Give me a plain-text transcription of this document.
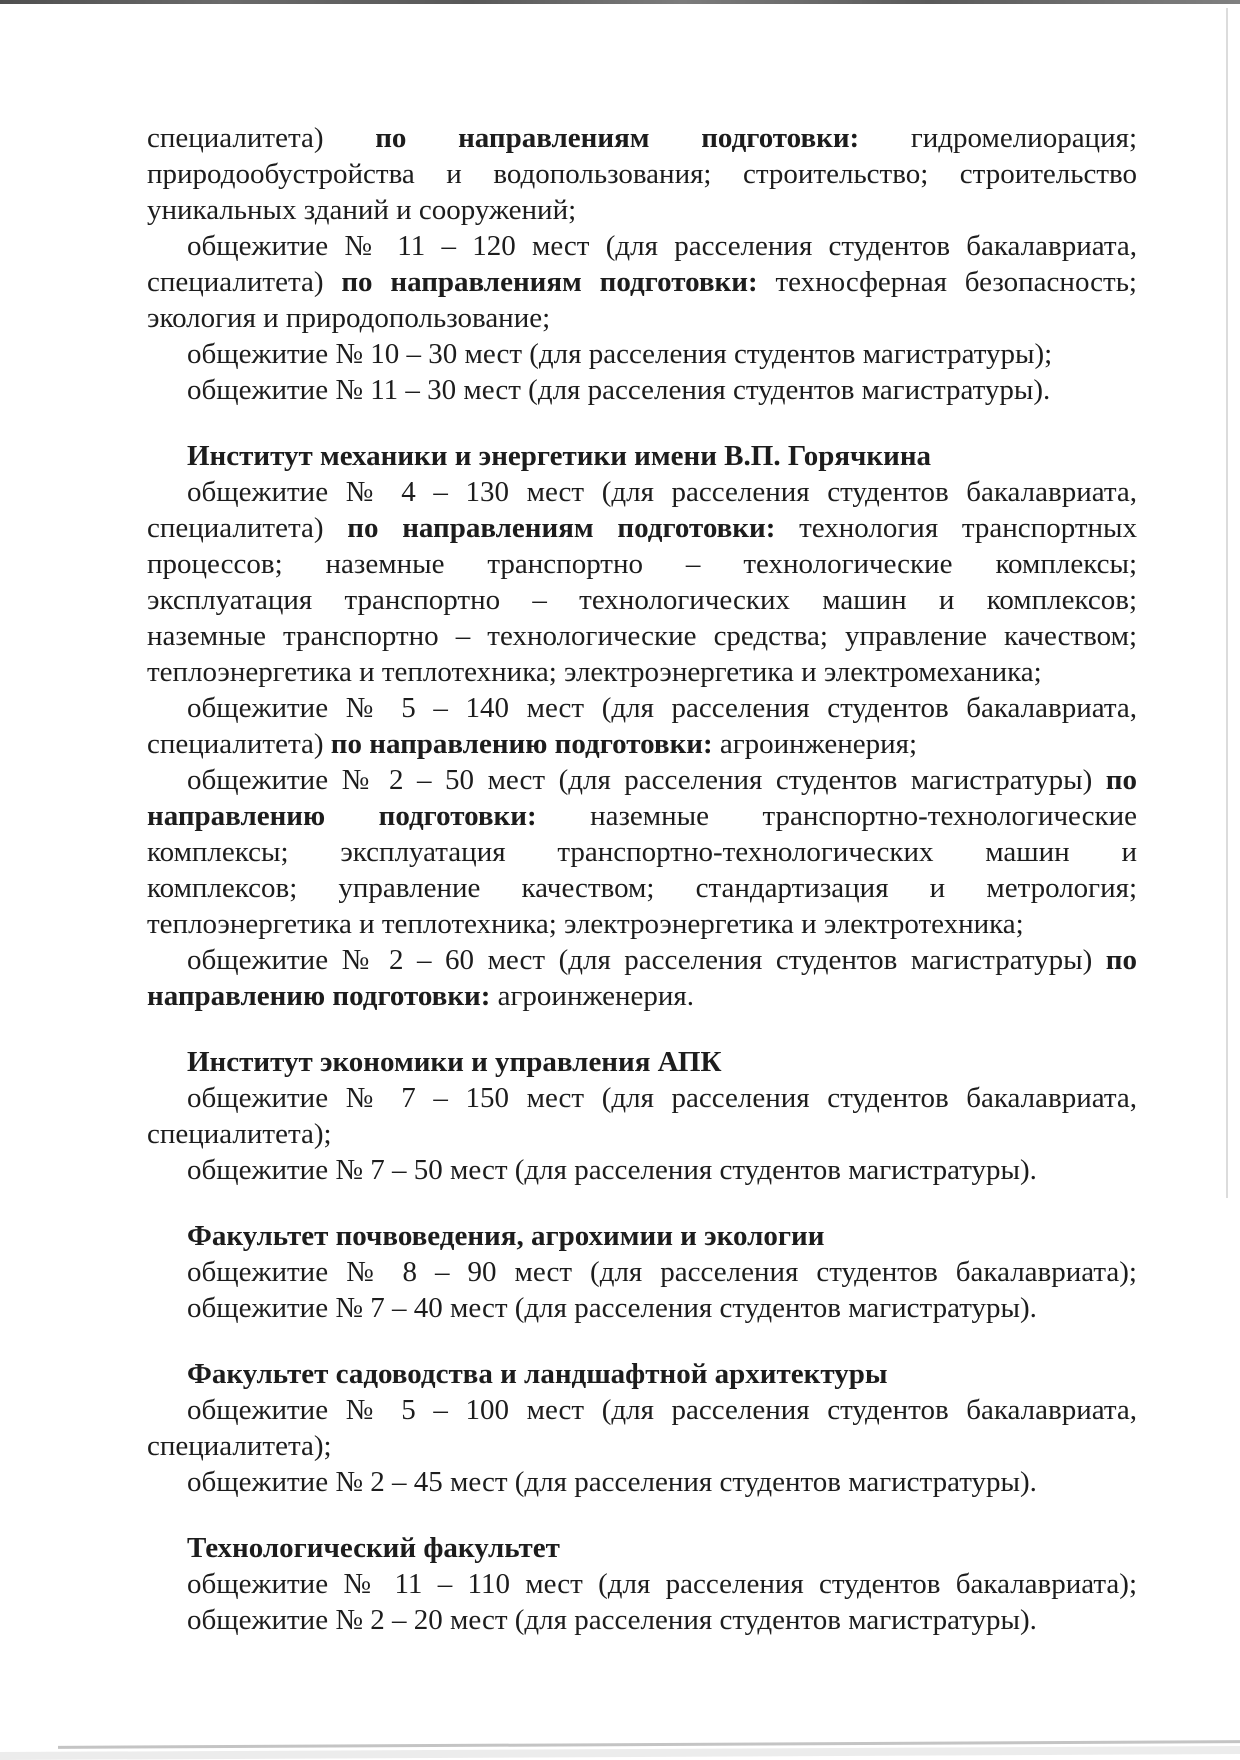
специалитета) по направлениям подготовки: гидромелиорация;
природообустройства и водопользования; строительство; строительство
уникальных зданий и сооружений;
общежитие № 11 – 120 мест (для расселения студентов бакалавриата,
специалитета) по направлениям подготовки: техносферная безопасность;
экология и природопользование;
общежитие № 10 – 30 мест (для расселения студентов магистратуры);
общежитие № 11 – 30 мест (для расселения студентов магистратуры).
Институт механики и энергетики имени В.П. Горячкина
общежитие № 4 – 130 мест (для расселения студентов бакалавриата,
специалитета) по направлениям подготовки: технология транспортных
процессов; наземные транспортно – технологические комплексы;
эксплуатация транспортно – технологических машин и комплексов;
наземные транспортно – технологические средства; управление качеством;
теплоэнергетика и теплотехника; электроэнергетика и электромеханика;
общежитие № 5 – 140 мест (для расселения студентов бакалавриата,
специалитета) по направлению подготовки: агроинженерия;
общежитие № 2 – 50 мест (для расселения студентов магистратуры) по
направлению подготовки: наземные транспортно-технологические
комплексы; эксплуатация транспортно-технологических машин и
комплексов; управление качеством; стандартизация и метрология;
теплоэнергетика и теплотехника; электроэнергетика и электротехника;
общежитие № 2 – 60 мест (для расселения студентов магистратуры) по
направлению подготовки: агроинженерия.
Институт экономики и управления АПК
общежитие № 7 – 150 мест (для расселения студентов бакалавриата,
специалитета);
общежитие № 7 – 50 мест (для расселения студентов магистратуры).
Факультет почвоведения, агрохимии и экологии
общежитие № 8 – 90 мест (для расселения студентов бакалавриата);
общежитие № 7 – 40 мест (для расселения студентов магистратуры).
Факультет садоводства и ландшафтной архитектуры
общежитие № 5 – 100 мест (для расселения студентов бакалавриата,
специалитета);
общежитие № 2 – 45 мест (для расселения студентов магистратуры).
Технологический факультет
общежитие № 11 – 110 мест (для расселения студентов бакалавриата);
общежитие № 2 – 20 мест (для расселения студентов магистратуры).
